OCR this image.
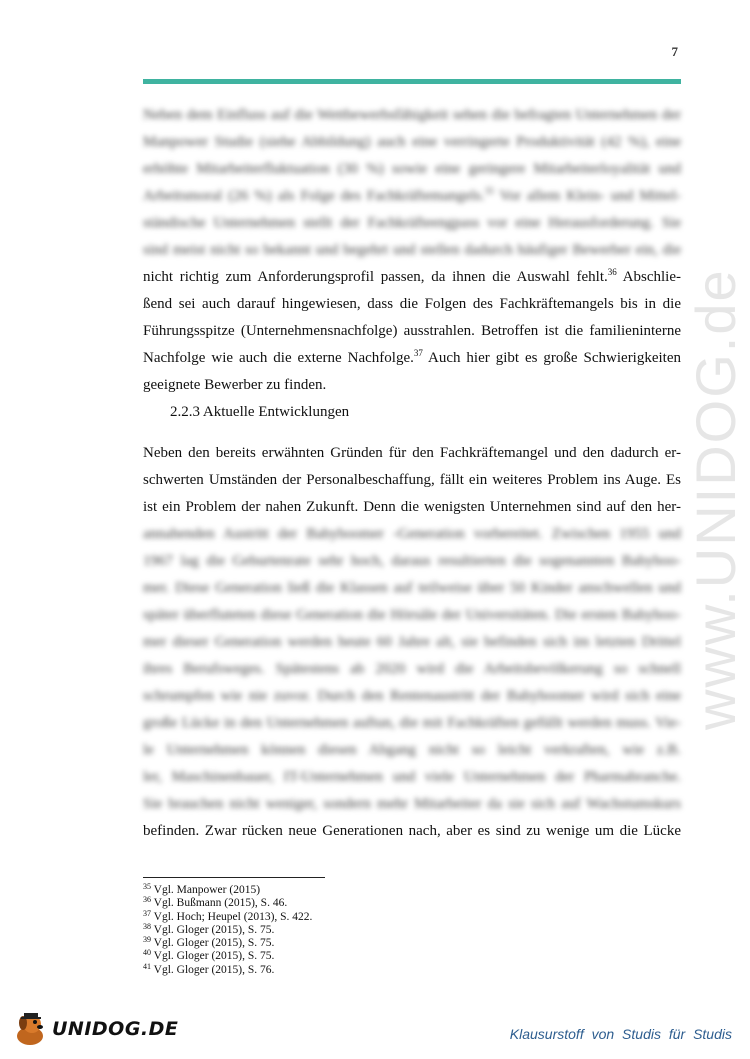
7
Neben dem Einfluss auf die Wettbewerbsfähigkeit sehen die befragten Unternehmen der
Manpower Studie (siehe Abbildung) auch eine verringerte Produktivität (42 %), eine
erhöhte Mitarbeiterfluktuation (30 %) sowie eine geringere Mitarbeiterloyalität und
Arbeitsmoral (26 %) als Folge des Fachkräftemangels.$^{35}$ Vor allem Klein- und Mittel-
ständische Unternehmen stellt der Fachkräfteengpass vor eine Herausforderung. Sie
sind meist nicht so bekannt und begehrt und stellen dadurch häufiger Bewerber ein, die
nicht richtig zum Anforderungsprofil passen, da ihnen die Auswahl fehlt.$^{36}$ Abschlie-
ßend sei auch darauf hingewiesen, dass die Folgen des Fachkräftemangels bis in die
Führungsspitze (Unternehmensnachfolge) ausstrahlen. Betroffen ist die familieninterne
Nachfolge wie auch die externe Nachfolge.$^{37}$ Auch hier gibt es große Schwierigkeiten
geeignete Bewerber zu finden.
2.2.3 Aktuelle Entwicklungen
Neben den bereits erwähnten Gründen für den Fachkräftemangel und den dadurch er-
schwerten Umständen der Personalbeschaffung, fällt ein weiteres Problem ins Auge. Es
ist ein Problem der nahen Zukunft. Denn die wenigsten Unternehmen sind auf den her-
annahenden Austritt der Babyboomer -Generation vorbereitet. Zwischen 1955 und
1967 lag die Geburtenrate sehr hoch, daraus resultierten die sogenannten Babyboo-
mer. Diese Generation ließ die Klassen auf teilweise über 50 Kinder anschwellen und
später überfluteten diese Generation die Hörsäle der Universitäten. Die ersten Babyboo-
mer dieser Generation werden heute 60 Jahre alt, sie befinden sich im letzten Drittel
ihres Berufsweges. Spätestens ab 2020 wird die Arbeitsbevölkerung so schnell
schrumpfen wie nie zuvor. Durch den Rentenaustritt der Babyboomer wird sich eine
große Lücke in den Unternehmen auftun, die mit Fachkräften gefüllt werden muss. Vie-
le Unternehmen können diesen Abgang nicht so leicht verkraften, wie z.B.
ler, Maschinenbauer, IT-Unternehmen und viele Unternehmen der Pharmabranche.
Sie brauchen nicht weniger, sondern mehr Mitarbeiter da sie sich auf Wachstumskurs
befinden. Zwar rücken neue Generationen nach, aber es sind zu wenige um die Lücke
$^{35}$ Vgl. Manpower (2015)
$^{36}$ Vgl. Bußmann (2015), S. 46.
$^{37}$ Vgl. Hoch; Heupel (2013), S. 422.
$^{38}$ Vgl. Gloger (2015), S. 75.
$^{39}$ Vgl. Gloger (2015), S. 75.
$^{40}$ Vgl. Gloger (2015), S. 75.
$^{41}$ Vgl. Gloger (2015), S. 76.
www.UNIDOG.de
UNIDOG.DE	Klausurstoff von Studis für Studis
